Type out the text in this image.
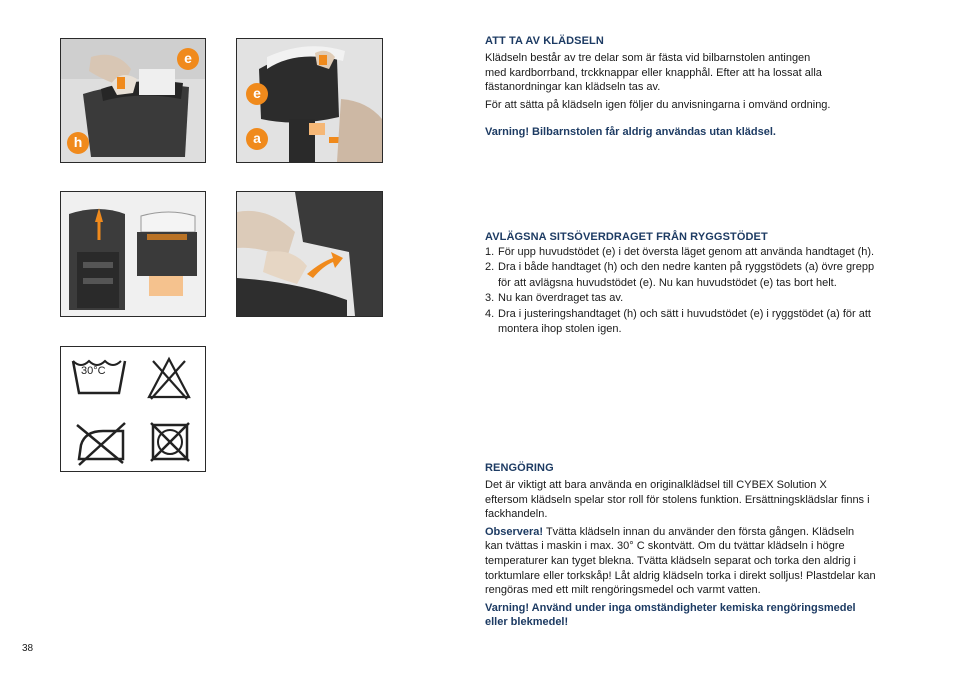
e
h
e
a
30°C

ATT TA AV KLÄDSELN

Klädseln består av tre delar som är fästa vid bilbarnstolen antingen

med kardborrband, trckknappar eller knapphål. Efter att ha lossat alla

fästanordningar kan klädseln tas av.

För att sätta på klädseln igen följer du anvisningarna i omvänd ordning.

Varning! Bilbarnstolen får aldrig användas utan klädsel.

AVLÄGSNA SITSÖVERDRAGET FRÅN RYGGSTÖDET

1. För upp huvudstödet (e) i det översta läget genom att använda handtaget (h).
2. Dra i både handtaget (h) och den nedre kanten på ryggstödets (a) övre grepp
för att avlägsna huvudstödet (e). Nu kan huvudstödet (e) tas bort helt.
3. Nu kan överdraget tas av.
4. Dra i justeringshandtaget (h) och sätt i huvudstödet (e) i ryggstödet (a) för att
montera ihop stolen igen.

RENGÖRING

Det är viktigt att bara använda en originalklädsel till CYBEX Solution X

eftersom klädseln spelar stor roll för stolens funktion. Ersättningsklädslar finns i

fackhandeln.

Observera! Tvätta klädseln innan du använder den första gången. Klädseln

kan tvättas i maskin i max. 30° C skontvätt. Om du tvättar klädseln i högre

temperaturer kan tyget blekna. Tvätta klädseln separat och torka den aldrig i

torktumlare eller torkskåp! Låt aldrig klädseln torka i direkt solljus! Plastdelar kan

rengöras med ett milt rengöringsmedel och varmt vatten.

Varning! Använd under inga omständigheter kemiska rengöringsmedel

eller blekmedel!

38
